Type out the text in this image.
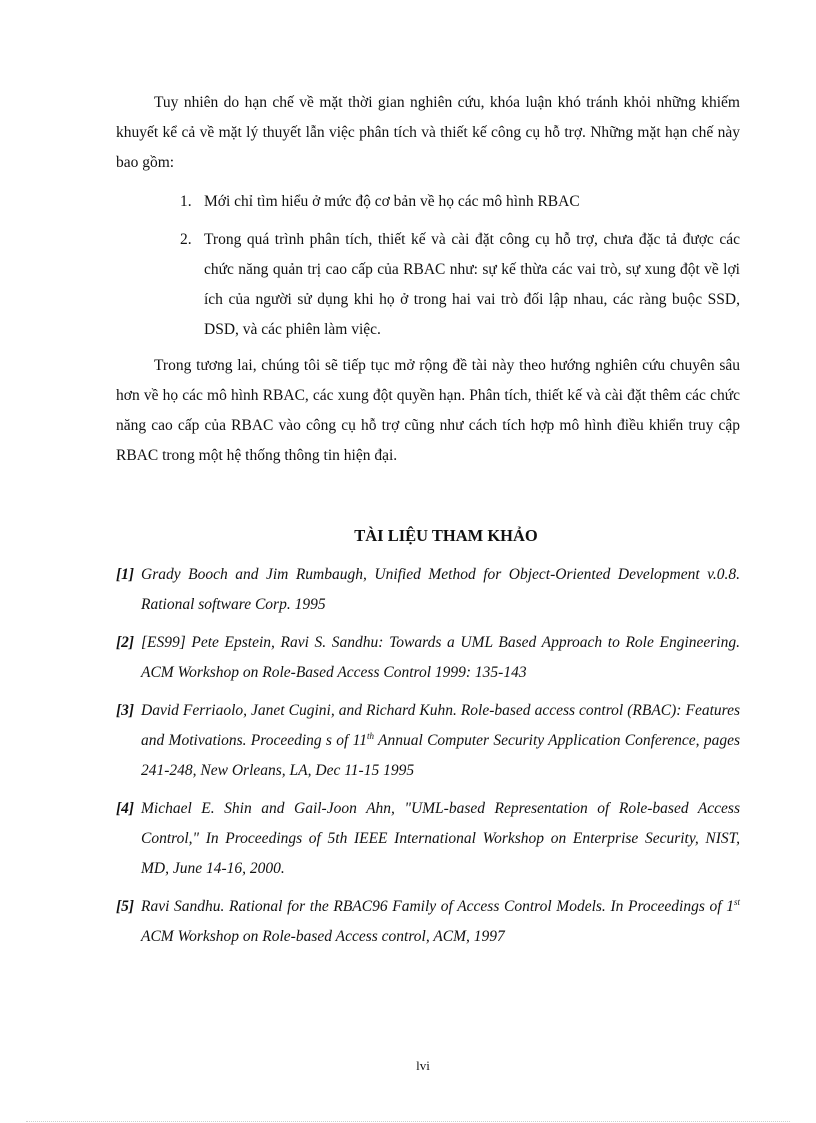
Tuy nhiên do hạn chế về mặt thời gian nghiên cứu, khóa luận khó tránh khỏi những khiếm khuyết kể cả về mặt lý thuyết lẫn việc phân tích và thiết kế công cụ hỗ trợ. Những mặt hạn chế này bao gồm:

1. Mới chỉ tìm hiểu ở mức độ cơ bản về họ các mô hình RBAC
2. Trong quá trình phân tích, thiết kế và cài đặt công cụ hỗ trợ, chưa đặc tả được các chức năng quản trị cao cấp của RBAC như: sự kế thừa các vai trò, sự xung đột về lợi ích của người sử dụng khi họ ở trong hai vai trò đối lập nhau, các ràng buộc SSD, DSD, và các phiên làm việc.

Trong tương lai, chúng tôi sẽ tiếp tục mở rộng đề tài này theo hướng nghiên cứu chuyên sâu hơn về họ các mô hình RBAC, các xung đột quyền hạn. Phân tích, thiết kế và cài đặt thêm các chức năng cao cấp của RBAC vào công cụ hỗ trợ cũng như cách tích hợp mô hình điều khiển truy cập RBAC trong một hệ thống thông tin hiện đại.

TÀI LIỆU THAM KHẢO
[1] Grady Booch and Jim Rumbaugh, Unified Method for Object-Oriented Development v.0.8. Rational software Corp. 1995
[2] [ES99] Pete Epstein, Ravi S. Sandhu: Towards a UML Based Approach to Role Engineering. ACM Workshop on Role-Based Access Control 1999: 135-143
[3] David Ferriaolo, Janet Cugini, and Richard Kuhn. Role-based access control (RBAC): Features and Motivations. Proceeding s of 11th Annual Computer Security Application Conference, pages 241-248, New Orleans, LA, Dec 11-15 1995
[4] Michael E. Shin and Gail-Joon Ahn, "UML-based Representation of Role-based Access Control," In Proceedings of 5th IEEE International Workshop on Enterprise Security, NIST, MD, June 14-16, 2000.
[5] Ravi Sandhu. Rational for the RBAC96 Family of Access Control Models. In Proceedings of 1st ACM Workshop on Role-based Access control, ACM, 1997
lvi
